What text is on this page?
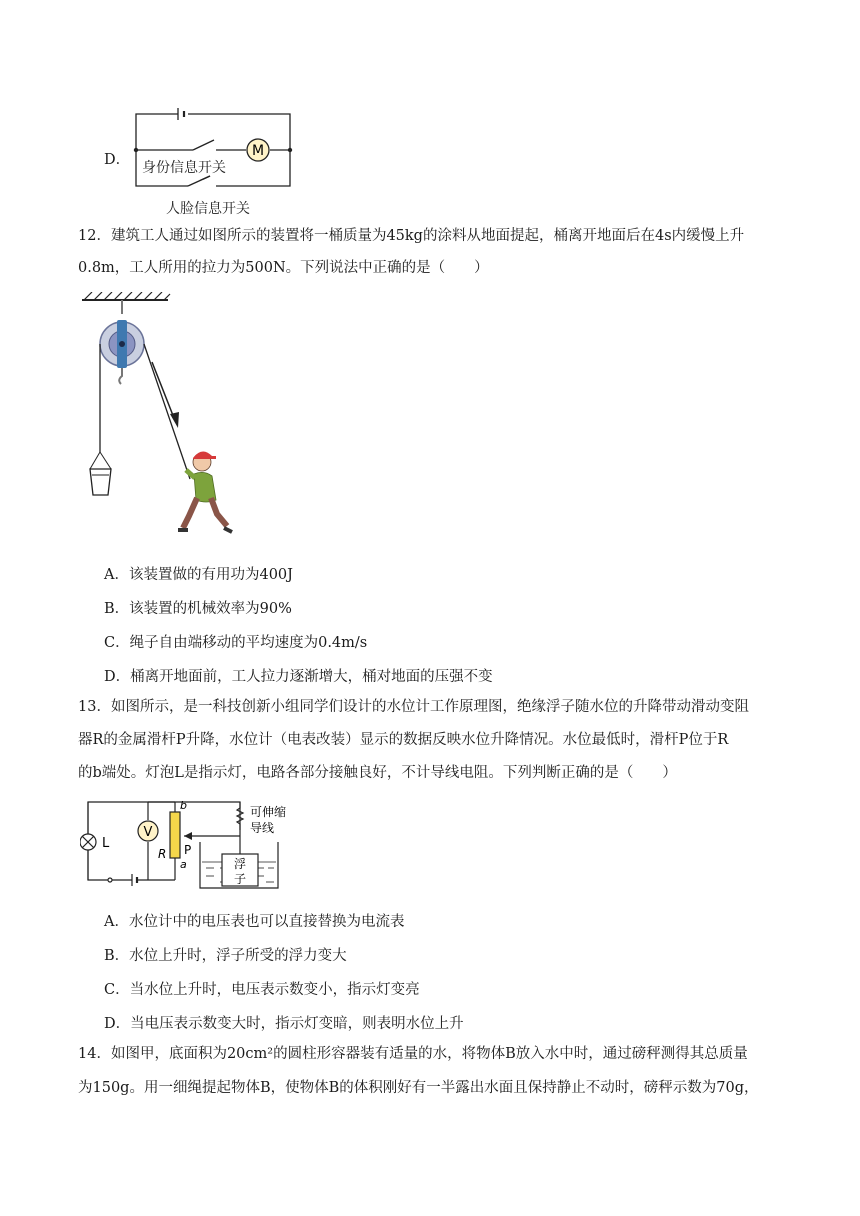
D．
M
身份信息开关
人脸信息开关
12．建筑工人通过如图所示的装置将一桶质量为45kg的涂料从地面提起，桶离开地面后在4s内缓慢上升
0.8m，工人所用的拉力为500N。下列说法中正确的是（　　）
A．该装置做的有用功为400J
B．该装置的机械效率为90%
C．绳子自由端移动的平均速度为0.4m/s
D．桶离开地面前，工人拉力逐渐增大，桶对地面的压强不变
13．如图所示，是一科技创新小组同学们设计的水位计工作原理图，绝缘浮子随水位的升降带动滑动变阻
器R的金属滑杆P升降，水位计（电表改装）显示的数据反映水位升降情况。水位最低时，滑杆P位于R
的b端处。灯泡L是指示灯，电路各部分接触良好，不计导线电阻。下列判断正确的是（　　）
L
V
R
b
a
P
可伸缩
导线
浮
子
A．水位计中的电压表也可以直接替换为电流表
B．水位上升时，浮子所受的浮力变大
C．当水位上升时，电压表示数变小，指示灯变亮
D．当电压表示数变大时，指示灯变暗，则表明水位上升
14．如图甲，底面积为20cm²的圆柱形容器装有适量的水，将物体B放入水中时，通过磅秤测得其总质量
为150g。用一细绳提起物体B，使物体B的体积刚好有一半露出水面且保持静止不动时，磅秤示数为70g，
